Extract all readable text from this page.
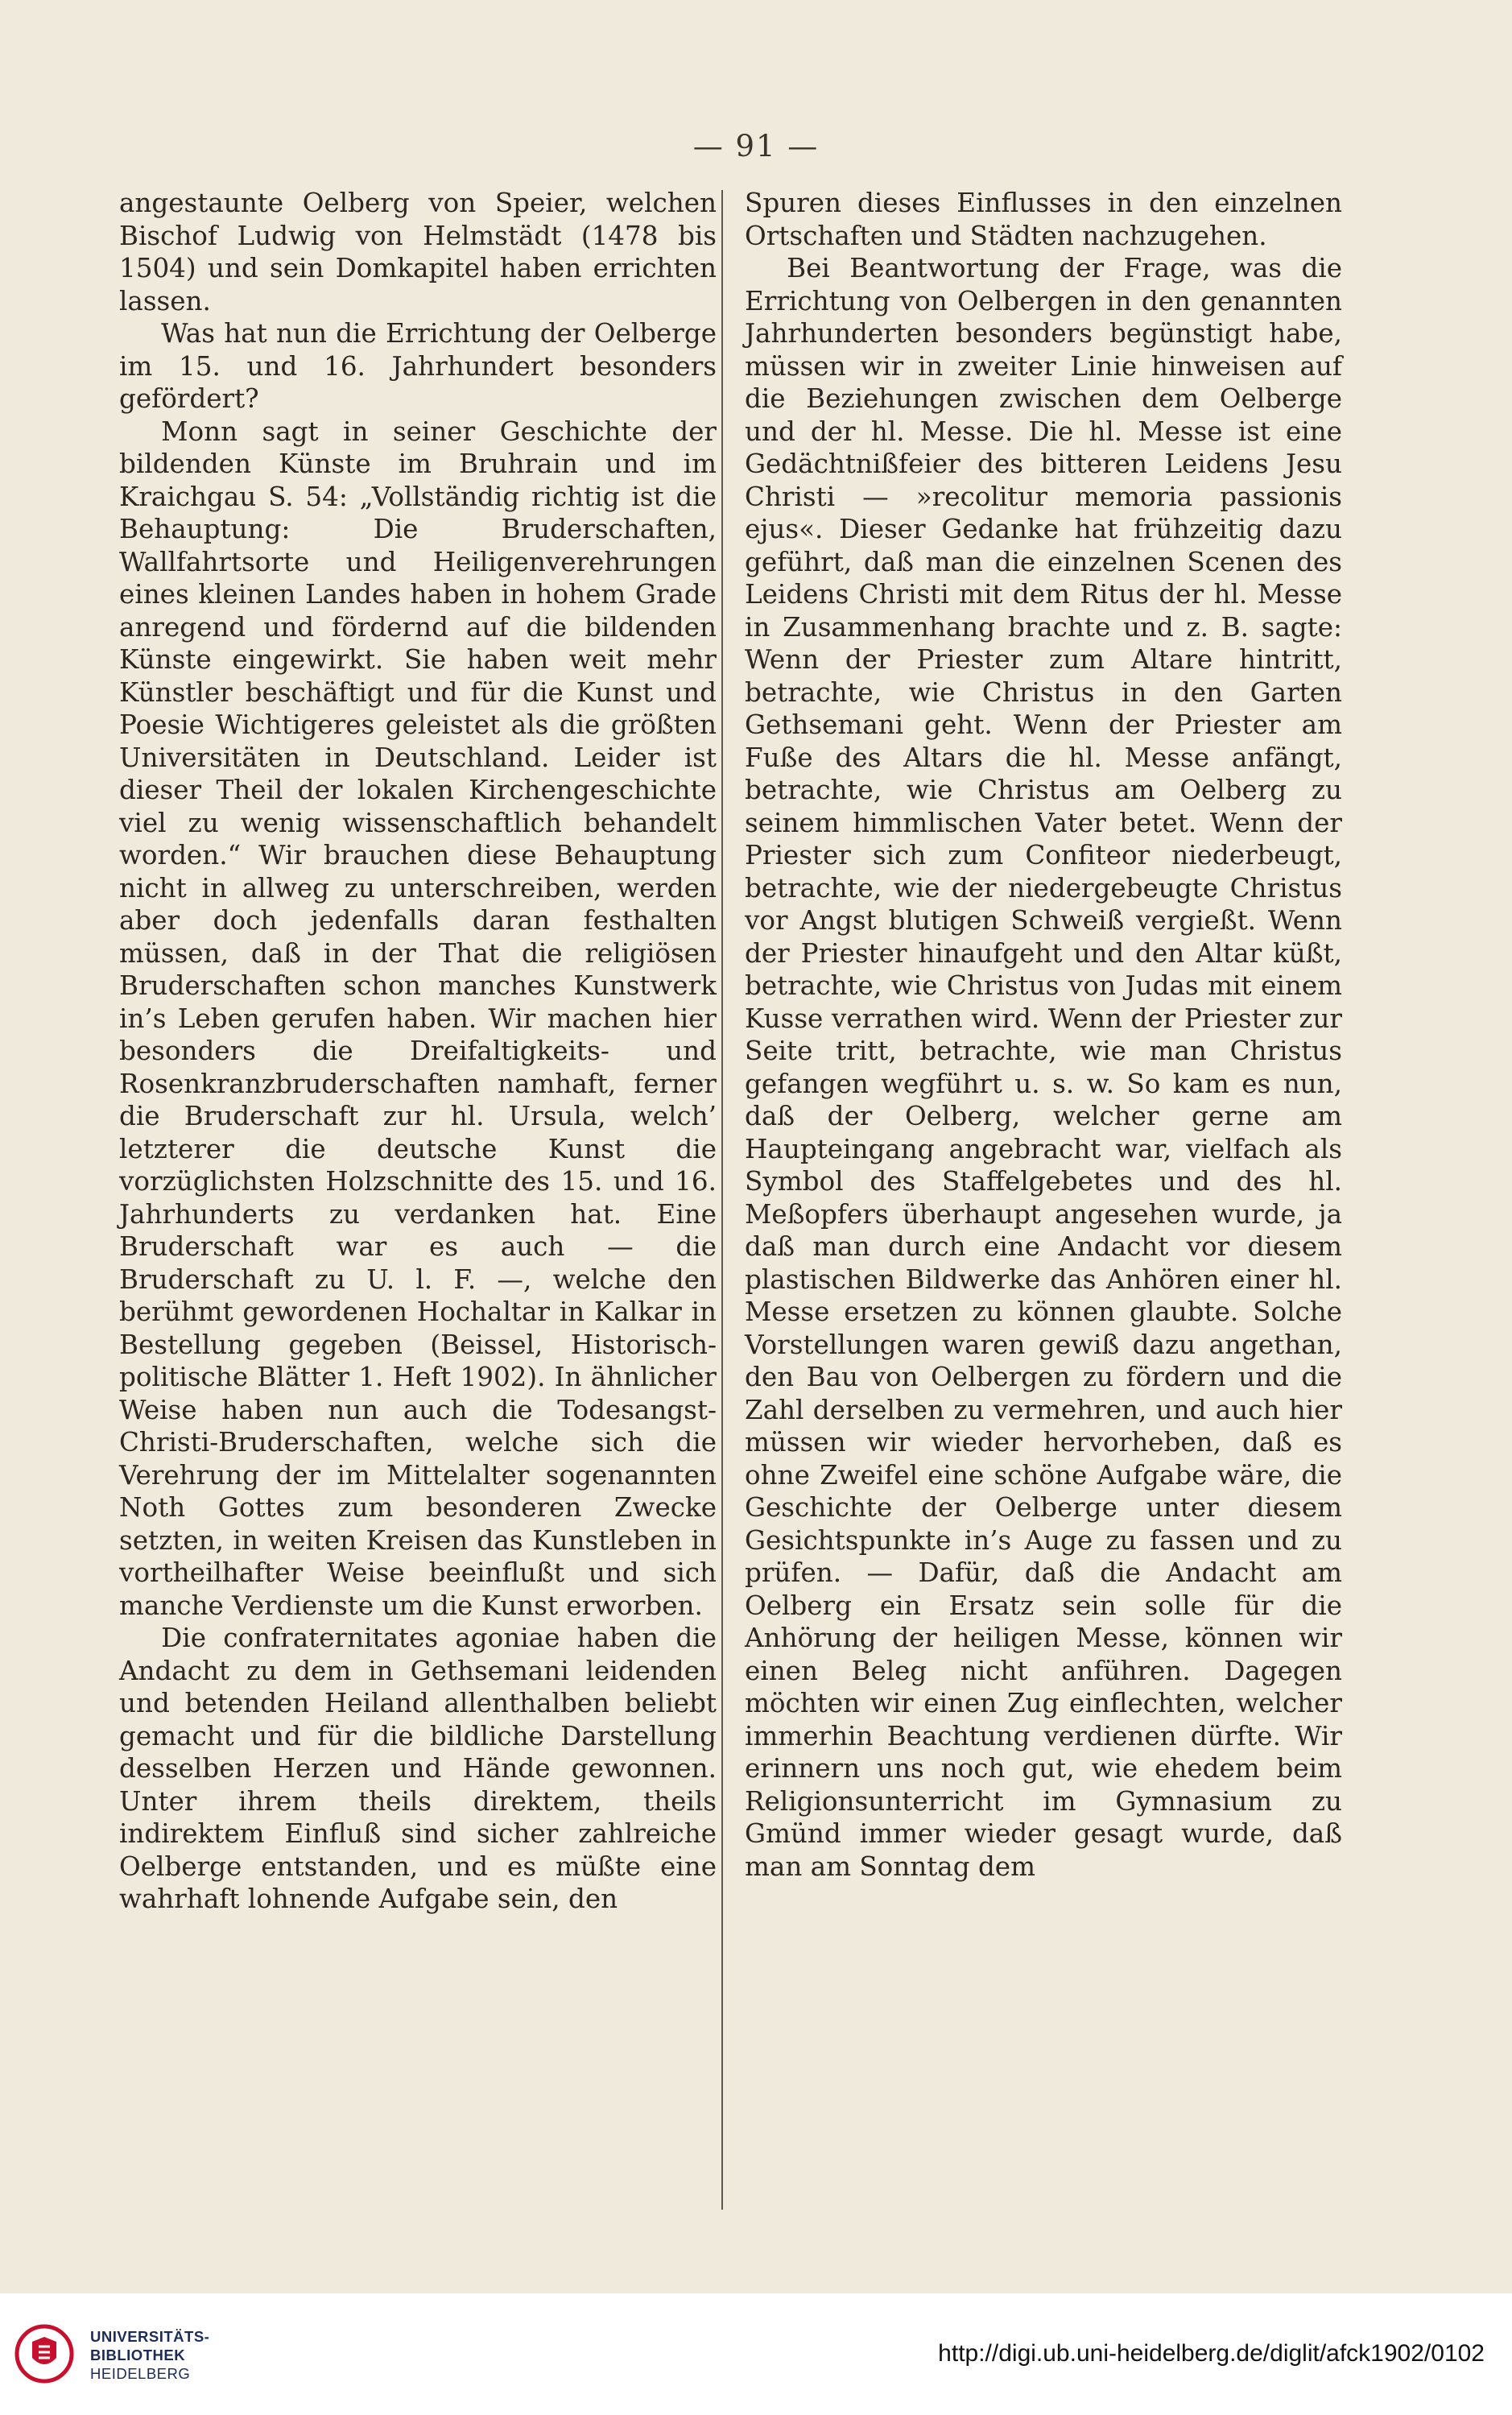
— 91 —

angestaunte Oelberg von Speier, welchen Bischof Ludwig von Helmstädt (1478 bis 1504) und sein Domkapitel haben errichten lassen.

Was hat nun die Errichtung der Oelberge im 15. und 16. Jahrhundert besonders gefördert?

Monn sagt in seiner Geschichte der bildenden Künste im Bruhrain und im Kraichgau S. 54: „Vollständig richtig ist die Behauptung: Die Bruderschaften, Wallfahrtsorte und Heiligenverehrungen eines kleinen Landes haben in hohem Grade anregend und fördernd auf die bildenden Künste eingewirkt. Sie haben weit mehr Künstler beschäftigt und für die Kunst und Poesie Wichtigeres geleistet als die größten Universitäten in Deutschland. Leider ist dieser Theil der lokalen Kirchengeschichte viel zu wenig wissenschaftlich behandelt worden.“ Wir brauchen diese Behauptung nicht in allweg zu unterschreiben, werden aber doch jedenfalls daran festhalten müssen, daß in der That die religiösen Bruderschaften schon manches Kunstwerk in’s Leben gerufen haben. Wir machen hier besonders die Dreifaltigkeits- und Rosenkranzbruderschaften namhaft, ferner die Bruderschaft zur hl. Ursula, welch’ letzterer die deutsche Kunst die vorzüglichsten Holzschnitte des 15. und 16. Jahrhunderts zu verdanken hat. Eine Bruderschaft war es auch — die Bruderschaft zu U. l. F. —, welche den berühmt gewordenen Hochaltar in Kalkar in Bestellung gegeben (Beissel, Historisch-politische Blätter 1. Heft 1902). In ähnlicher Weise haben nun auch die Todesangst-Christi-Bruderschaften, welche sich die Verehrung der im Mittelalter sogenannten Noth Gottes zum besonderen Zwecke setzten, in weiten Kreisen das Kunstleben in vortheilhafter Weise beeinflußt und sich manche Verdienste um die Kunst erworben.

Die confraternitates agoniae haben die Andacht zu dem in Gethsemani leidenden und betenden Heiland allenthalben beliebt gemacht und für die bildliche Darstellung desselben Herzen und Hände gewonnen. Unter ihrem theils direktem, theils indirektem Einfluß sind sicher zahlreiche Oelberge entstanden, und es müßte eine wahrhaft lohnende Aufgabe sein, den

Spuren dieses Einflusses in den einzelnen Ortschaften und Städten nachzugehen.

Bei Beantwortung der Frage, was die Errichtung von Oelbergen in den genannten Jahrhunderten besonders begünstigt habe, müssen wir in zweiter Linie hinweisen auf die Beziehungen zwischen dem Oelberge und der hl. Messe. Die hl. Messe ist eine Gedächtnißfeier des bitteren Leidens Jesu Christi — »recolitur memoria passionis ejus«. Dieser Gedanke hat frühzeitig dazu geführt, daß man die einzelnen Scenen des Leidens Christi mit dem Ritus der hl. Messe in Zusammenhang brachte und z. B. sagte: Wenn der Priester zum Altare hintritt, betrachte, wie Christus in den Garten Gethsemani geht. Wenn der Priester am Fuße des Altars die hl. Messe anfängt, betrachte, wie Christus am Oelberg zu seinem himmlischen Vater betet. Wenn der Priester sich zum Confiteor niederbeugt, betrachte, wie der niedergebeugte Christus vor Angst blutigen Schweiß vergießt. Wenn der Priester hinaufgeht und den Altar küßt, betrachte, wie Christus von Judas mit einem Kusse verrathen wird. Wenn der Priester zur Seite tritt, betrachte, wie man Christus gefangen wegführt u. s. w. So kam es nun, daß der Oelberg, welcher gerne am Haupteingang angebracht war, vielfach als Symbol des Staffelgebetes und des hl. Meßopfers überhaupt angesehen wurde, ja daß man durch eine Andacht vor diesem plastischen Bildwerke das Anhören einer hl. Messe ersetzen zu können glaubte. Solche Vorstellungen waren gewiß dazu angethan, den Bau von Oelbergen zu fördern und die Zahl derselben zu vermehren, und auch hier müssen wir wieder hervorheben, daß es ohne Zweifel eine schöne Aufgabe wäre, die Geschichte der Oelberge unter diesem Gesichtspunkte in’s Auge zu fassen und zu prüfen. — Dafür, daß die Andacht am Oelberg ein Ersatz sein solle für die Anhörung der heiligen Messe, können wir einen Beleg nicht anführen. Dagegen möchten wir einen Zug einflechten, welcher immerhin Beachtung verdienen dürfte. Wir erinnern uns noch gut, wie ehedem beim Religionsunterricht im Gymnasium zu Gmünd immer wieder gesagt wurde, daß man am Sonntag dem

UNIVERSITÄTS-
BIBLIOTHEK
HEIDELBERG
http://digi.ub.uni-heidelberg.de/diglit/afck1902/0102
